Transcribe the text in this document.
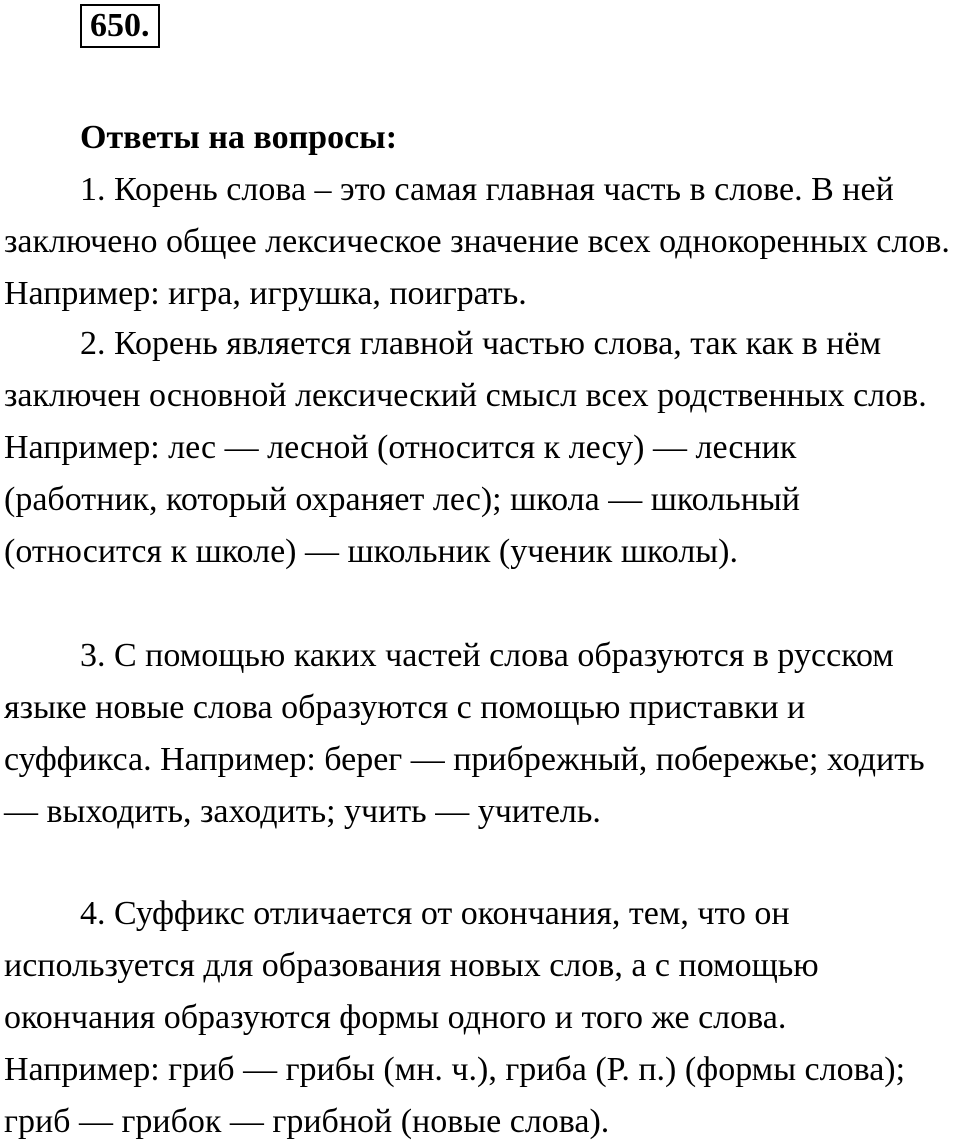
650.
Ответы на вопросы:
1. Корень слова – это самая главная часть в слове. В ней заключено общее лексическое значение всех однокоренных слов. Например: игра, игрушка, поиграть.
2. Корень является главной частью слова, так как в нём заключен основной лексический смысл всех родственных слов. Например: лес — лесной (относится к лесу) — лесник (работник, который охраняет лес); школа — школьный (относится к школе) — школьник (ученик школы).
3. С помощью каких частей слова образуются в русском языке новые слова образуются с помощью приставки и суффикса. Например: берег — прибрежный, побережье; ходить — выходить, заходить; учить — учитель.
4. Суффикс отличается от окончания, тем, что он используется для образования новых слов, а с помощью окончания образуются формы одного и того же слова. Например: гриб — грибы (мн. ч.), гриба (Р. п.) (формы слова); гриб — грибок — грибной (новые слова).
